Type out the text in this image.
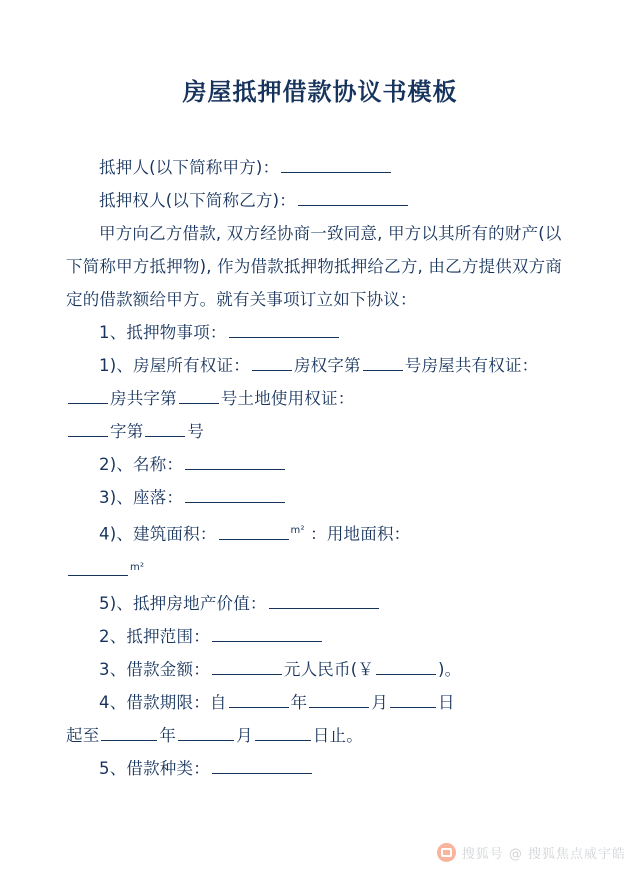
房屋抵押借款协议书模板
抵押人(以下简称甲方)：
抵押权人(以下简称乙方)：
甲方向乙方借款, 双方经协商一致同意, 甲方以其所有的财产(以下简称甲方抵押物), 作为借款抵押物抵押给乙方, 由乙方提供双方商定的借款额给甲方。就有关事项订立如下协议：
1、抵押物事项：
1)、房屋所有权证：	房权字第	号房屋共有权证：房共字第	号土地使用权证：
字第	号
2)、名称：
3)、座落：
4)、建筑面积：	$^{m^2}$ ：用地面积：
$^{m^2}$
5)、抵押房地产价值：
2、抵押范围：
3、借款金额：	元人民币(￥	)。
4、借款期限：自	年	月	日
起至	年	月	日止。
5、借款种类：
搜狐号 @ 搜狐焦点威宇皓
